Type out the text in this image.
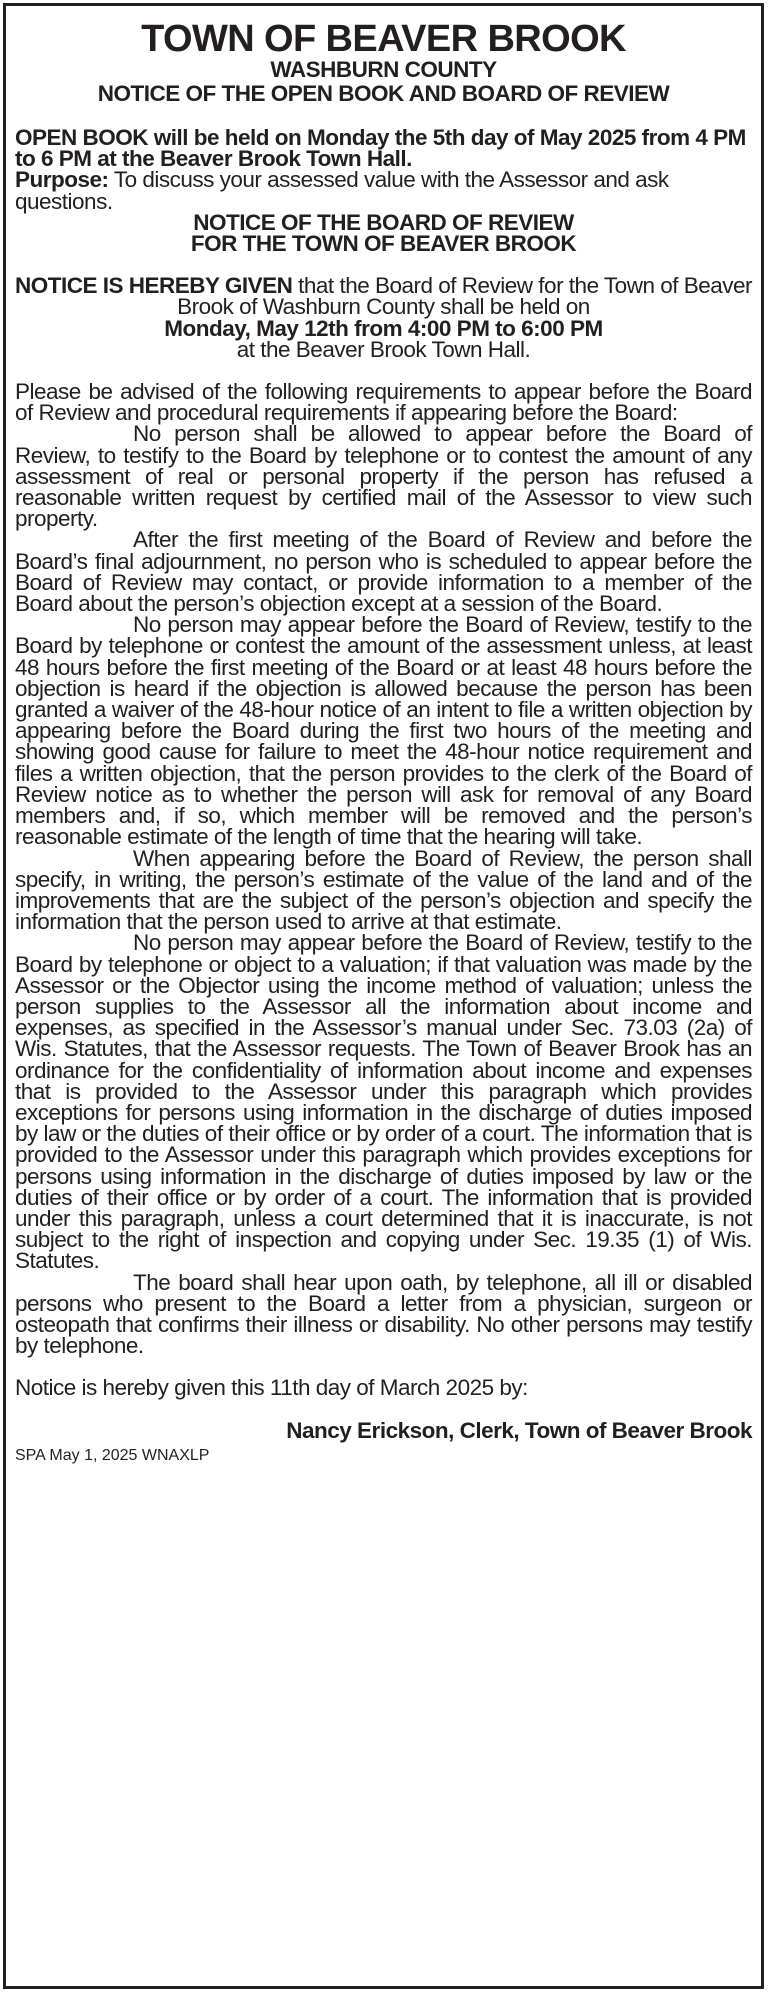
TOWN OF BEAVER BROOK
WASHBURN COUNTY
NOTICE OF THE OPEN BOOK AND BOARD OF REVIEW

OPEN BOOK will be held on Monday the 5th day of May 2025 from 4 PM to 6 PM at the Beaver Brook Town Hall.

Purpose: To discuss your assessed value with the Assessor and ask questions.

NOTICE OF THE BOARD OF REVIEW

FOR THE TOWN OF BEAVER BROOK

NOTICE IS HEREBY GIVEN that the Board of Review for the Town of Beaver Brook of Washburn County shall be held on

Monday, May 12th from 4:00 PM to 6:00 PM

at the Beaver Brook Town Hall.

Please be advised of the following requirements to appear before the Board of Review and procedural requirements if appearing before the Board:

No person shall be allowed to appear before the Board of Review, to testify to the Board by telephone or to contest the amount of any assessment of real or personal property if the person has refused a reasonable written request by certified mail of the Assessor to view such property.

After the first meeting of the Board of Review and before the Board’s final adjournment, no person who is scheduled to appear before the Board of Review may contact, or provide information to a member of the Board about the person’s objection except at a session of the Board.

No person may appear before the Board of Review, testify to the Board by telephone or contest the amount of the assessment unless, at least 48 hours before the first meeting of the Board or at least 48 hours before the objection is heard if the objection is allowed because the person has been granted a waiver of the 48-hour notice of an intent to file a written objection by appearing before the Board during the first two hours of the meeting and showing good cause for failure to meet the 48-hour notice requirement and files a written objection, that the person provides to the clerk of the Board of Review notice as to whether the person will ask for removal of any Board members and, if so, which member will be removed and the person’s reasonable estimate of the length of time that the hearing will take.

When appearing before the Board of Review, the person shall specify, in writing, the person’s estimate of the value of the land and of the improvements that are the subject of the person’s objection and specify the information that the person used to arrive at that estimate.

No person may appear before the Board of Review, testify to the Board by telephone or object to a valuation; if that valuation was made by the Assessor or the Objector using the income method of valuation; unless the person supplies to the Assessor all the information about income and expenses, as specified in the Assessor’s manual under Sec. 73.03 (2a) of Wis. Statutes, that the Assessor requests. The Town of Beaver Brook has an ordinance for the confidentiality of information about income and expenses that is provided to the Assessor under this paragraph which provides exceptions for persons using information in the discharge of duties imposed by law or the duties of their office or by order of a court. The information that is provided to the Assessor under this paragraph which provides exceptions for persons using information in the discharge of duties imposed by law or the duties of their office or by order of a court. The information that is provided under this paragraph, unless a court determined that it is inaccurate, is not subject to the right of inspection and copying under Sec. 19.35 (1) of Wis. Statutes.

The board shall hear upon oath, by telephone, all ill or disabled persons who present to the Board a letter from a physician, surgeon or osteopath that confirms their illness or disability. No other persons may testify by telephone.

Notice is hereby given this 11th day of March 2025 by:

Nancy Erickson, Clerk, Town of Beaver Brook

SPA May 1, 2025 WNAXLP
